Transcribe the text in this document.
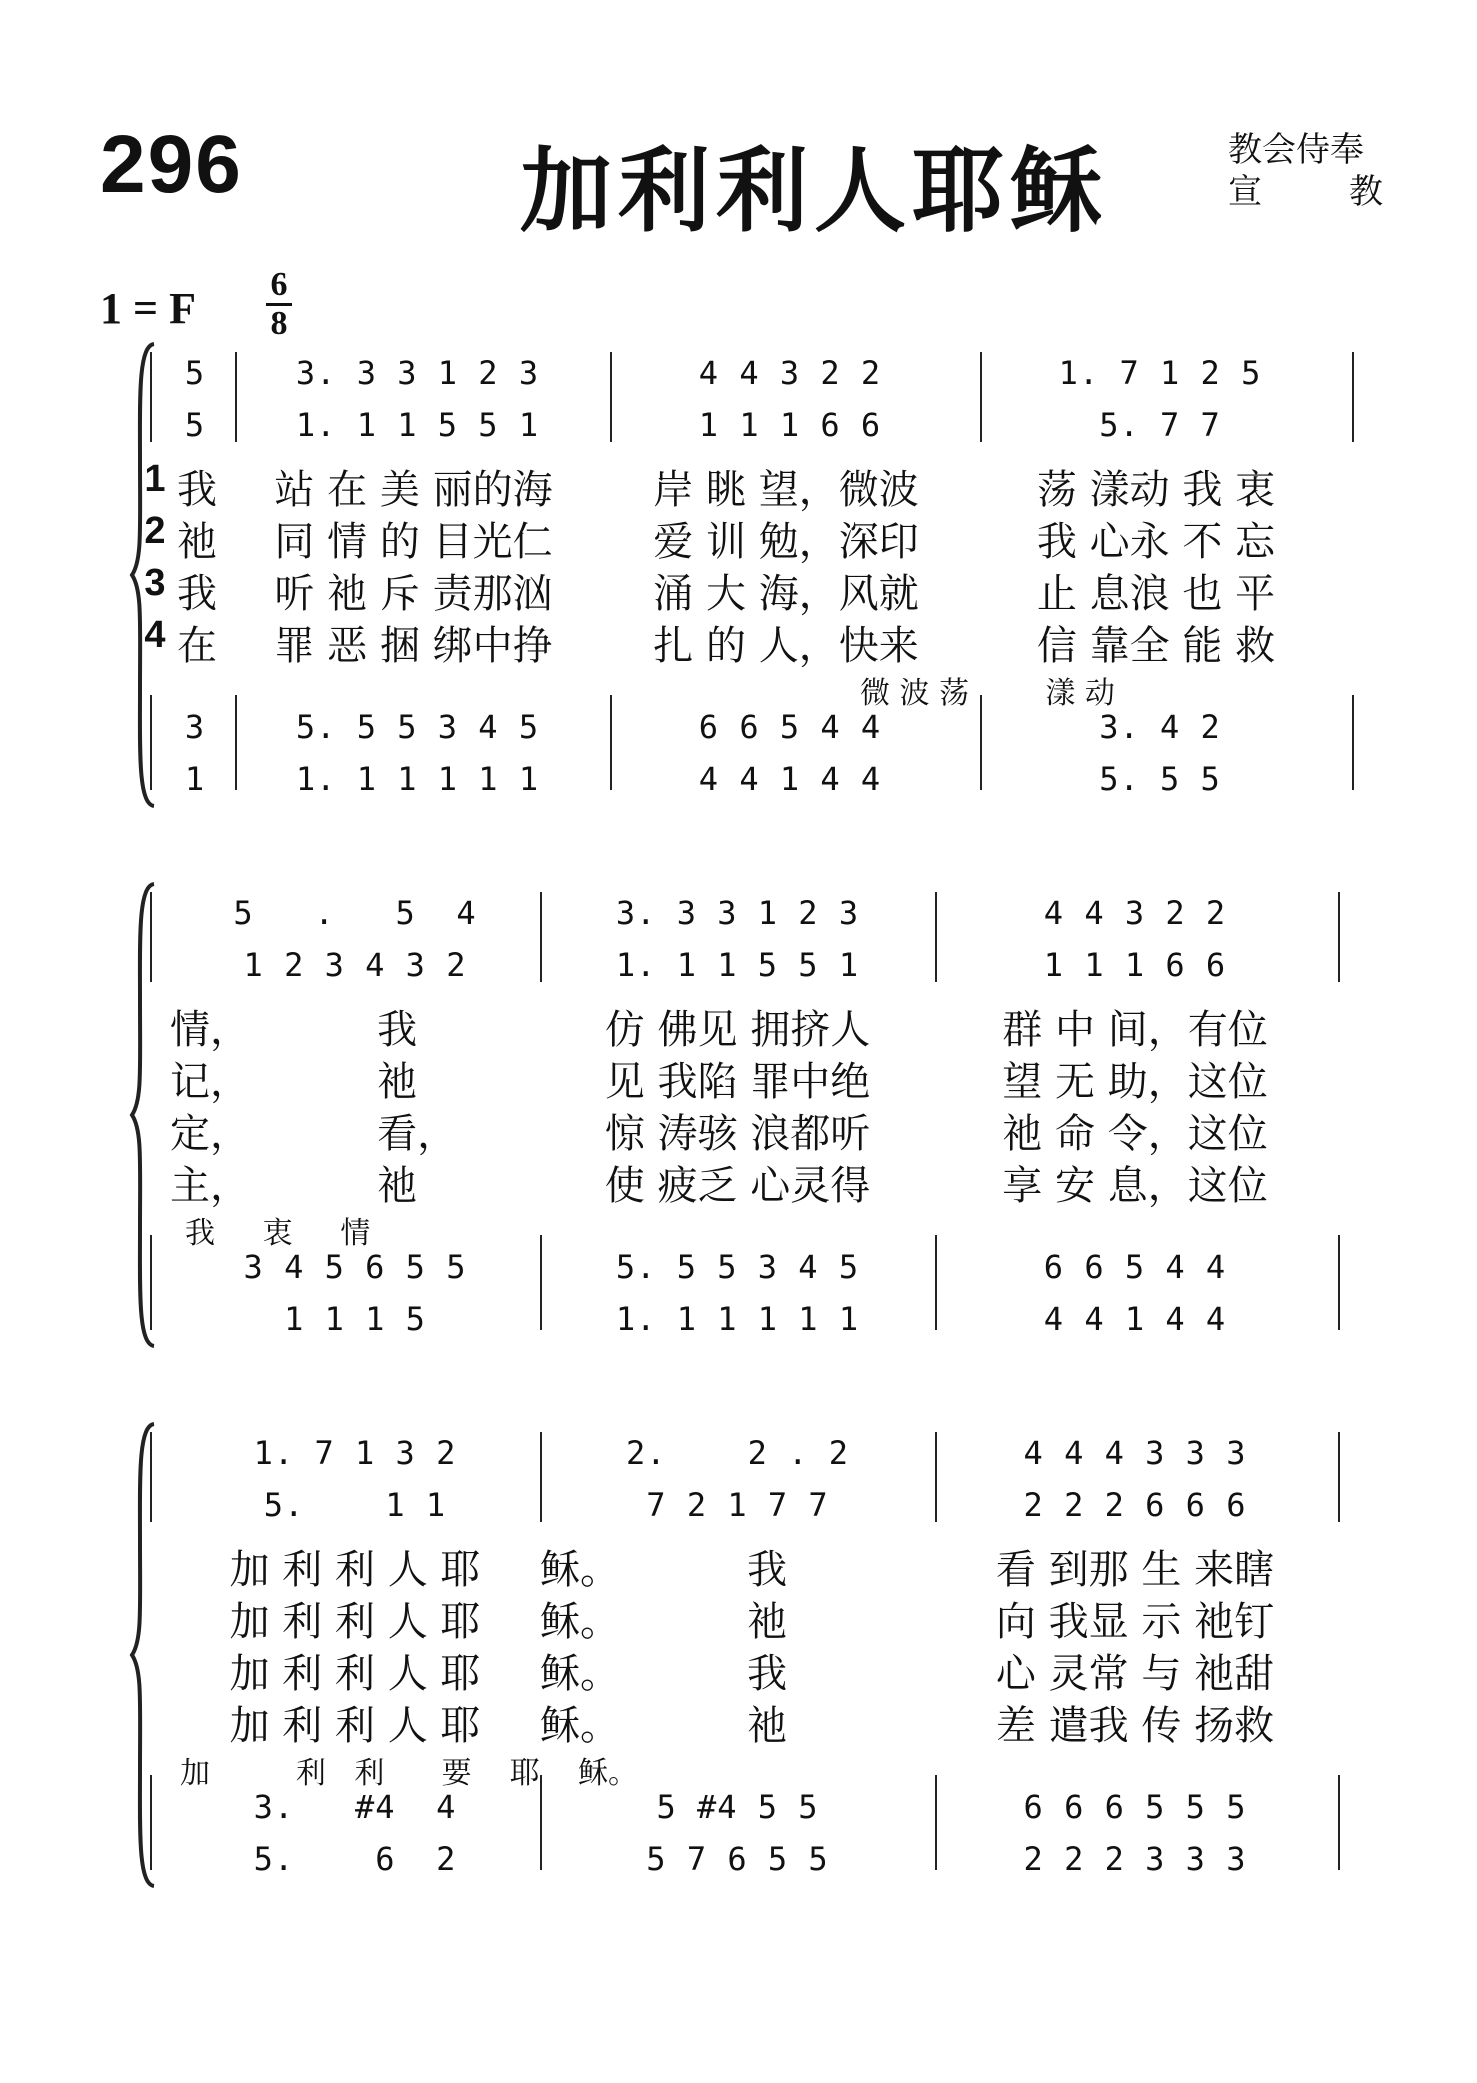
296	加利利人耶稣	教会侍奉
宣	教
1 = F 6
8
5	3. 3 3 1 2 3	4 4 3 2 2	1. 7 1 2 5
5	1. 1 1 5 5 1	1 1 1 6 6	5. 7 7
1 我	站 在 美 丽的海	岸 眺 望，微波	荡 漾动 我 衷
2 祂	同 情 的 目光仁	爱 训 勉，深印	我 心永 不 忘
3 我	听 祂 斥 责那汹	涌 大 海，风就	止 息浪 也 平
4 在	罪 恶 捆 绑中挣	扎 的 人，快来	信 靠全 能 救
微 波 荡        漾 动
3	5. 5 5 3 4 5	6 6 5 4 4	3. 4 2
1	1. 1 1 1 1 1	4 4 1 4 4	5. 5 5
5   .   5  4	3. 3 3 1 2 3	4 4 3 2 2
1 2 3 4 3 2	1. 1 1 5 5 1	1 1 1 6 6
情，          我	仿 佛见 拥挤人	群 中 间，有位
记，          祂	见 我陷 罪中绝	望 无 助，这位
定，          看，	惊 涛骇 浪都听	祂 命 令，这位
主，          祂	使 疲乏 心灵得	享 安 息，这位
我     衷     情
3 4 5 6 5 5	5. 5 5 3 4 5	6 6 5 4 4
1 1 1 5	1. 1 1 1 1 1	4 4 1 4 4
1. 7 1 3 2	2.    2 . 2	4 4 4 3 3 3
5.    1 1	7 2 1 7 7	2 2 2 6 6 6
加 利 利 人 耶	稣。          我	看 到那 生 来瞎
加 利 利 人 耶	稣。          祂	向 我显 示 祂钉
加 利 利 人 耶	稣。          我	心 灵常 与 祂甜
加 利 利 人 耶	稣。          祂	差 遣我 传 扬救
加         利   利      要    耶    稣。
3.   #4  4	5 #4 5 5	6 6 6 5 5 5
5.    6  2	5 7 6 5 5	2 2 2 3 3 3
